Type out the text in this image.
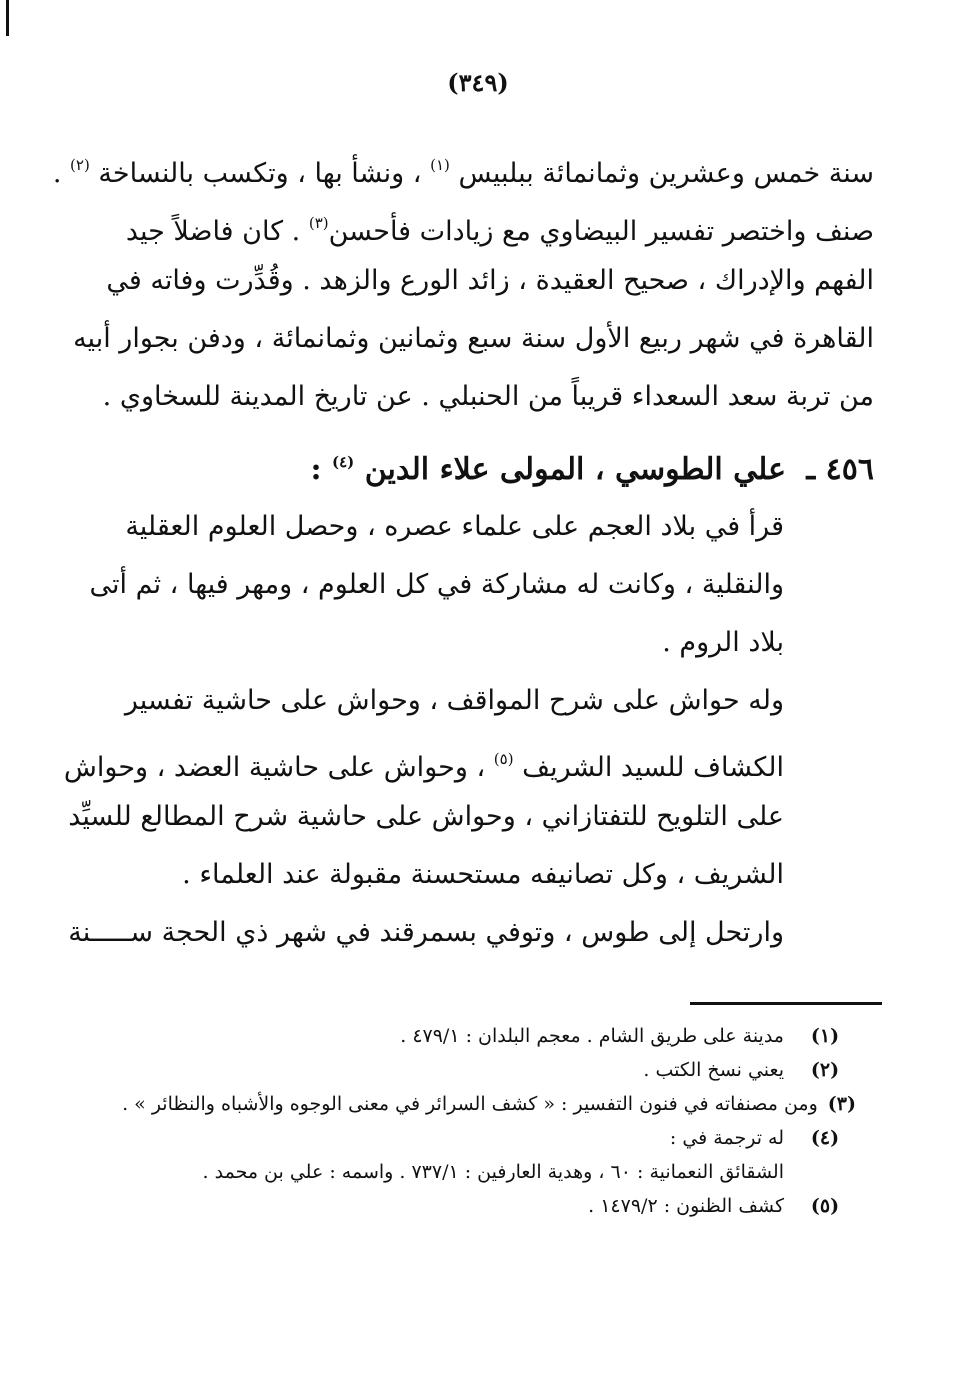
(٣٤٩)
سنة خمس وعشرين وثمانمائة ببلبيس $^{(١)}$ ، ونشأ بها ، وتكسب بالنساخة $^{(٢)}$ .
صنف واختصر تفسير البيضاوي مع زيادات فأحسن$^{(٣)}$ . كان فاضلاً جيد
الفهم والإدراك ، صحيح العقيدة ، زائد الورع والزهد . وقُدِّرت وفاته في
القاهرة في شهر ربيع الأول سنة سبع وثمانين وثمانمائة ، ودفن بجوار أبيه
من تربة سعد السعداء قريباً من الحنبلي . عن تاريخ المدينة للسخاوي .
٤٥٦ ـ علي الطوسي ، المولى علاء الدين $^{(٤)}$ :
قرأ في بلاد العجم على علماء عصره ، وحصل العلوم العقلية
والنقلية ، وكانت له مشاركة في كل العلوم ، ومهر فيها ، ثم أتى
بلاد الروم .
وله حواش على شرح المواقف ، وحواش على حاشية تفسير
الكشاف للسيد الشريف $^{(٥)}$ ، وحواش على حاشية العضد ، وحواش
على التلويح للتفتازاني ، وحواش على حاشية شرح المطالع للسيِّد
الشريف ، وكل تصانيفه مستحسنة مقبولة عند العلماء .
وارتحل إلى طوس ، وتوفي بسمرقند في شهر ذي الحجة ســـــنة
(١)
مدينة على طريق الشام . معجم البلدان : ٤٧٩/١ .
(٢)
يعني نسخ الكتب .
(٣)
ومن مصنفاته في فنون التفسير : « كشف السرائر في معنى الوجوه والأشباه والنظائر » .
(٤)
له ترجمة في :
الشقائق النعمانية : ٦٠ ، وهدية العارفين : ٧٣٧/١ . واسمه : علي بن محمد .
(٥)
كشف الظنون : ١٤٧٩/٢ .
